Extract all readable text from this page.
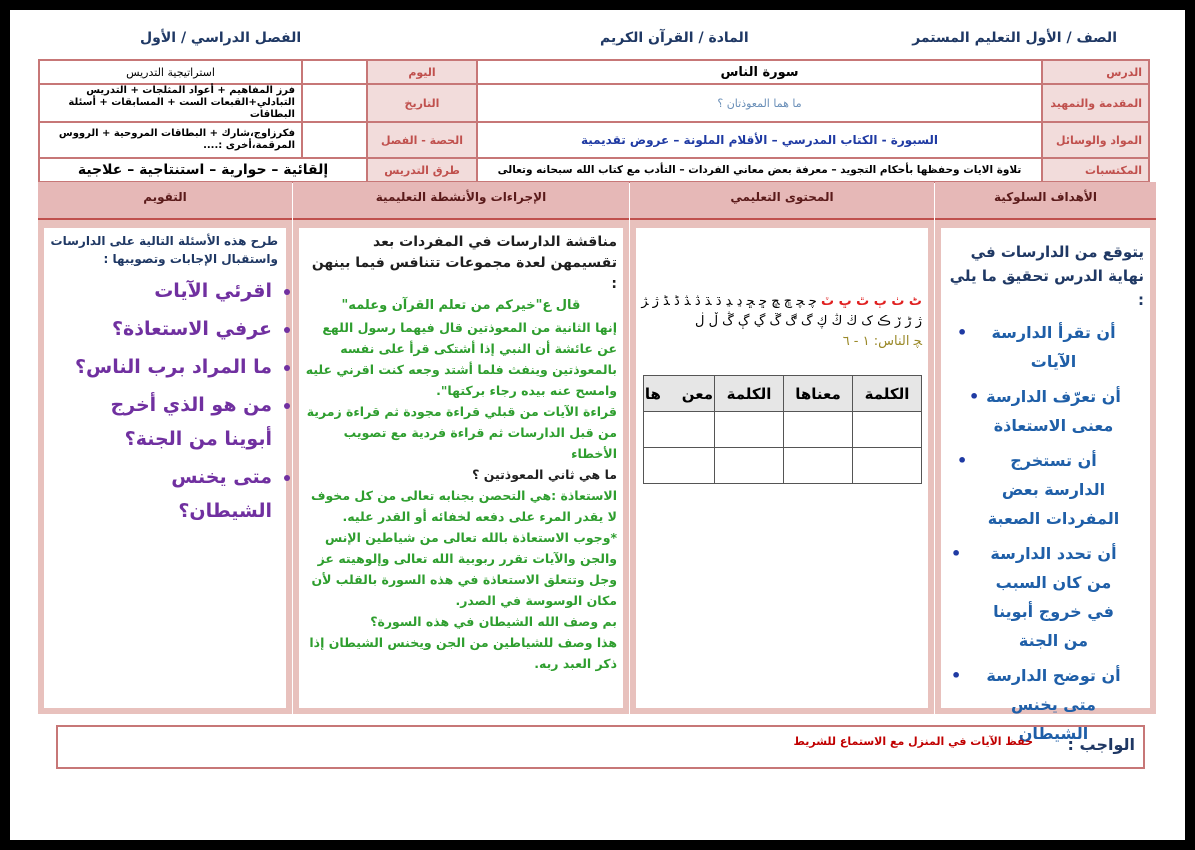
الصف / الأول التعليم المستمر
المادة / القرآن الكريم
الفصل الدراسي / الأول
الدرس	سورة الناس	اليوم		استراتيجية التدريس
المقدمة والتمهيد	ما هما المعوذتان ؟	التاريخ		فرز المفاهيم + أعواد المثلجات + التدريس
التبادلي+القبعات الست + المسابقات + أسئلة البطاقات

المواد والوسائل	السبورة - الكتاب المدرسي – الأقلام الملونة – عروض تقديمية	الحصة - الفصل		فكرزاوج،شارك + البطاقات المروحية + الرووس
المرقمة،أخرى :....

المكتسبات	تلاوة الايات وحفظها بأحكام التجويد – معرفة بعض معاني الفردات – التأدب مع كتاب الله سبحانه وتعالى	طرق التدريس	إلقائية – حوارية – استنتاجية – علاجية	
الأهداف السلوكية
يتوقع من الدارسات في نهاية الدرس تحقيق ما يلي :
• أن تقرأ الدارسة الآيات
• أن تعرّف الدارسة معنى الاستعاذة
•	أن تستخرج الدارسة بعض المفردات الصعبة
• أن تحدد الدارسة من كان السبب في خروج أبوينا من الجنة
• أن توضح الدارسة متى يخنس الشيطان
المحتوى التعليمي
ٹ ٺ ٻ ٿ ڀ ٽ ﭼ ﭽ ﭾ ﭿ ﮀ ﮁ ﮂ ﮃ ﮄ ﮅ ﮆ ﮇ ﮈ ﮉ ﮊ ﮋ
ژ ڑ ڒ ڪ ک ڬ ڭ ڮ گ ڰ ڱ ڲ ڳ ڴ ڵ ڶ
ﭽ الناس: ١ - ٦
الكلمة	معناها	الكلمة	معن    ها

الإجراءات والأنشطة التعليمية

مناقشة الدارسات في المفردات بعد تقسيمهن لعدة مجموعات تتنافس فيما بينهن :

قال ع"خيركم من تعلم القرآن وعلمه"

إنها الثانية من المعوذتين قال فيهما رسول اللهع عن عائشة أن النبي إذا أشتكى قرأ على نفسه بالمعوذتين وينفث فلما أشتد وجعه كنت اقرني عليه وامسح عنه بيده رجاء بركتها".

قراءة الآيات من قبلي قراءة مجودة ثم قراءة زمرية من قبل الدارسات ثم قراءة فردية مع تصويب الأخطاء

ما هي ثاني المعوذتين ؟

الاستعاذة :هي التحصن بجنابه تعالى من كل مخوف لا يقدر المرء على دفعه لخفائه أو القدر عليه.

*وجوب الاستعاذة بالله تعالى من شياطين الإنس والجن والآيات تقرر ربوبية الله تعالى وإلوهيته عز وجل وتتعلق الاستعاذة في هذه السورة بالقلب لأن مكان الوسوسة في الصدر.

بم وصف الله الشيطان في هذه السورة؟

هذا وصف للشياطين من الجن ويخنس الشيطان إذا ذكر العبد ربه.

التقويم
طرح هذه الأسئلة التالية على الدارسات واستقبال الإجابات وتصويبها :
• اقرئي الآيات
• عرفي الاستعاذة؟
• ما المراد برب الناس؟
• من هو الذي أخرج أبوينا من الجنة؟
• متى يخنس الشيطان؟
الواجب :
حفظ الآيات في المنزل مع الاستماع للشريط
